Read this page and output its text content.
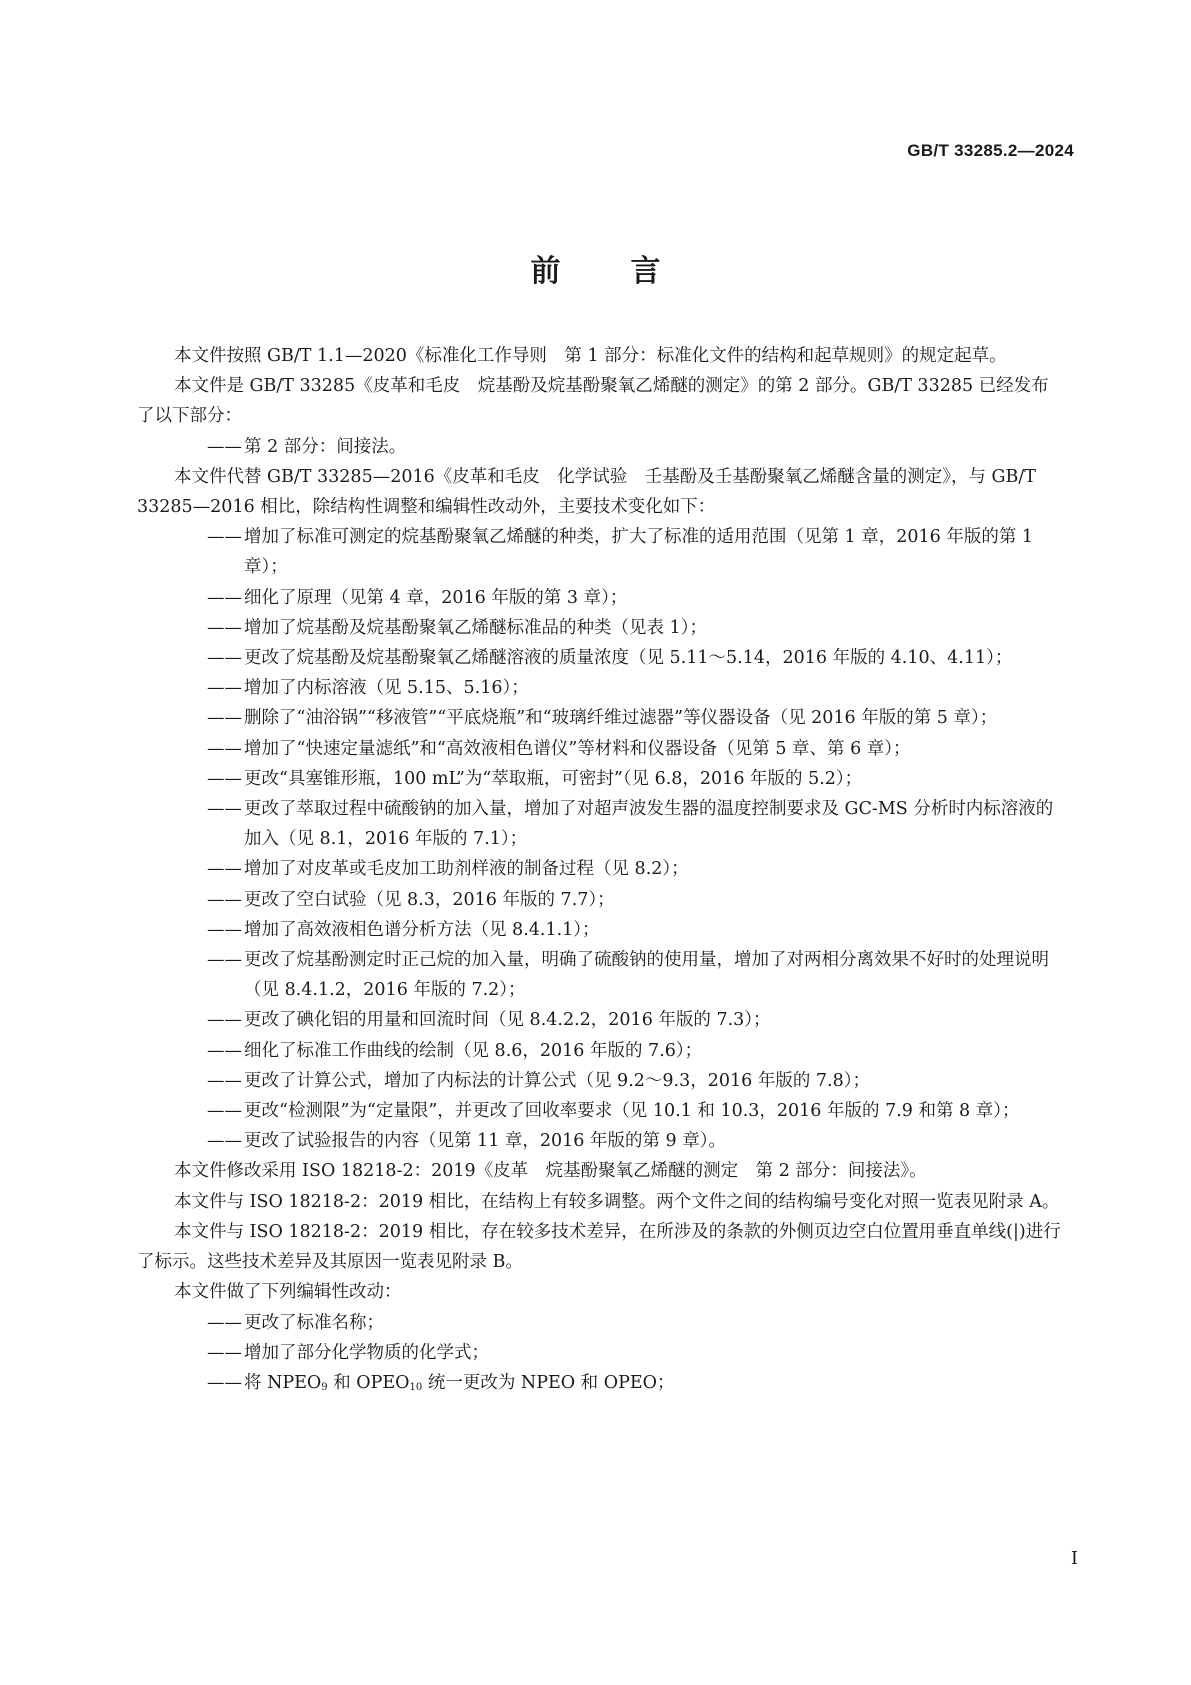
GB/T 33285.2—2024
前 言

本文件按照 GB/T 1.1—2020《标准化工作导则　第 1 部分：标准化文件的结构和起草规则》的规定起草。

本文件是 GB/T 33285《皮革和毛皮　烷基酚及烷基酚聚氧乙烯醚的测定》的第 2 部分。GB/T 33285 已经发布了以下部分：

—— 第 2 部分：间接法。

本文件代替 GB/T 33285—2016《皮革和毛皮　化学试验　壬基酚及壬基酚聚氧乙烯醚含量的测定》，与 GB/T 33285—2016 相比，除结构性调整和编辑性改动外，主要技术变化如下：

—— 增加了标准可测定的烷基酚聚氧乙烯醚的种类，扩大了标准的适用范围（见第 1 章，2016 年版的第 1 章）；

—— 细化了原理（见第 4 章，2016 年版的第 3 章）；

—— 增加了烷基酚及烷基酚聚氧乙烯醚标准品的种类（见表 1）；

—— 更改了烷基酚及烷基酚聚氧乙烯醚溶液的质量浓度（见 5.11～5.14，2016 年版的 4.10、4.11）；

—— 增加了内标溶液（见 5.15、5.16）；

—— 删除了“油浴锅”“移液管”“平底烧瓶”和“玻璃纤维过滤器”等仪器设备（见 2016 年版的第 5 章）；

—— 增加了“快速定量滤纸”和“高效液相色谱仪”等材料和仪器设备（见第 5 章、第 6 章）；

—— 更改“具塞锥形瓶，100 mL”为“萃取瓶，可密封”（见 6.8，2016 年版的 5.2）；

—— 更改了萃取过程中硫酸钠的加入量，增加了对超声波发生器的温度控制要求及 GC-MS 分析时内标溶液的加入（见 8.1，2016 年版的 7.1）；

—— 增加了对皮革或毛皮加工助剂样液的制备过程（见 8.2）；

—— 更改了空白试验（见 8.3，2016 年版的 7.7）；

—— 增加了高效液相色谱分析方法（见 8.4.1.1）；

—— 更改了烷基酚测定时正己烷的加入量，明确了硫酸钠的使用量，增加了对两相分离效果不好时的处理说明（见 8.4.1.2，2016 年版的 7.2）；

—— 更改了碘化铝的用量和回流时间（见 8.4.2.2，2016 年版的 7.3）；

—— 细化了标准工作曲线的绘制（见 8.6，2016 年版的 7.6）；

—— 更改了计算公式，增加了内标法的计算公式（见 9.2～9.3，2016 年版的 7.8）；

—— 更改“检测限”为“定量限”，并更改了回收率要求（见 10.1 和 10.3，2016 年版的 7.9 和第 8 章）；

—— 更改了试验报告的内容（见第 11 章，2016 年版的第 9 章）。

本文件修改采用 ISO 18218-2：2019《皮革　烷基酚聚氧乙烯醚的测定　第 2 部分：间接法》。

本文件与 ISO 18218-2：2019 相比，在结构上有较多调整。两个文件之间的结构编号变化对照一览表见附录 A。

本文件与 ISO 18218-2：2019 相比，存在较多技术差异，在所涉及的条款的外侧页边空白位置用垂直单线(|)进行了标示。这些技术差异及其原因一览表见附录 B。

本文件做了下列编辑性改动：

—— 更改了标准名称；

—— 增加了部分化学物质的化学式；

—— 将 $NPEO_9$ 和 $OPEO_{10}$ 统一更改为 NPEO 和 OPEO；

I
